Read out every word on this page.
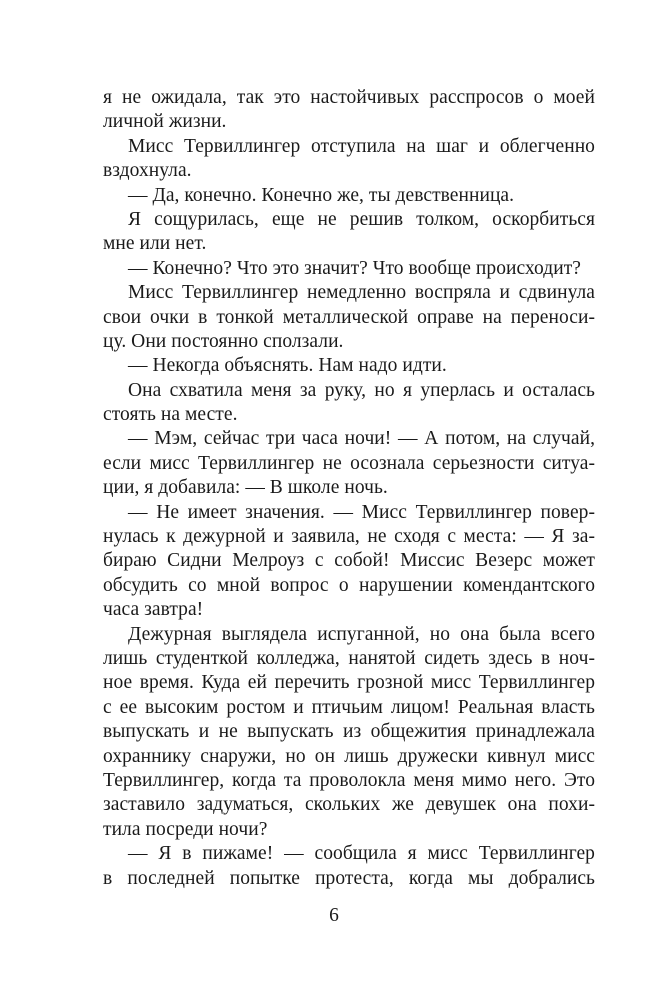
я не ожидала, так это настойчивых расспросов о моей
личной жизни.
Мисс Тервиллингер отступила на шаг и облегченно
вздохнула.
— Да, конечно. Конечно же, ты девственница.
Я сощурилась, еще не решив толком, оскорбиться
мне или нет.
— Конечно? Что это значит? Что вообще происходит?
Мисс Тервиллингер немедленно воспряла и сдвинула
свои очки в тонкой металлической оправе на переноси-
цу. Они постоянно сползали.
— Некогда объяснять. Нам надо идти.
Она схватила меня за руку, но я уперлась и осталась
стоять на месте.
— Мэм, сейчас три часа ночи! — А потом, на случай,
если мисс Тервиллингер не осознала серьезности ситуа-
ции, я добавила: — В школе ночь.
— Не имеет значения. — Мисс Тервиллингер повер-
нулась к дежурной и заявила, не сходя с места: — Я за-
бираю Сидни Мелроуз с собой! Миссис Везерс может
обсудить со мной вопрос о нарушении комендантского
часа завтра!
Дежурная выглядела испуганной, но она была всего
лишь студенткой колледжа, нанятой сидеть здесь в ноч-
ное время. Куда ей перечить грозной мисс Тервиллингер
с ее высоким ростом и птичьим лицом! Реальная власть
выпускать и не выпускать из общежития принадлежала
охраннику снаружи, но он лишь дружески кивнул мисс
Тервиллингер, когда та проволокла меня мимо него. Это
заставило задуматься, скольких же девушек она похи-
тила посреди ночи?
— Я в пижаме! — сообщила я мисс Тервиллингер
в последней попытке протеста, когда мы добрались
6
